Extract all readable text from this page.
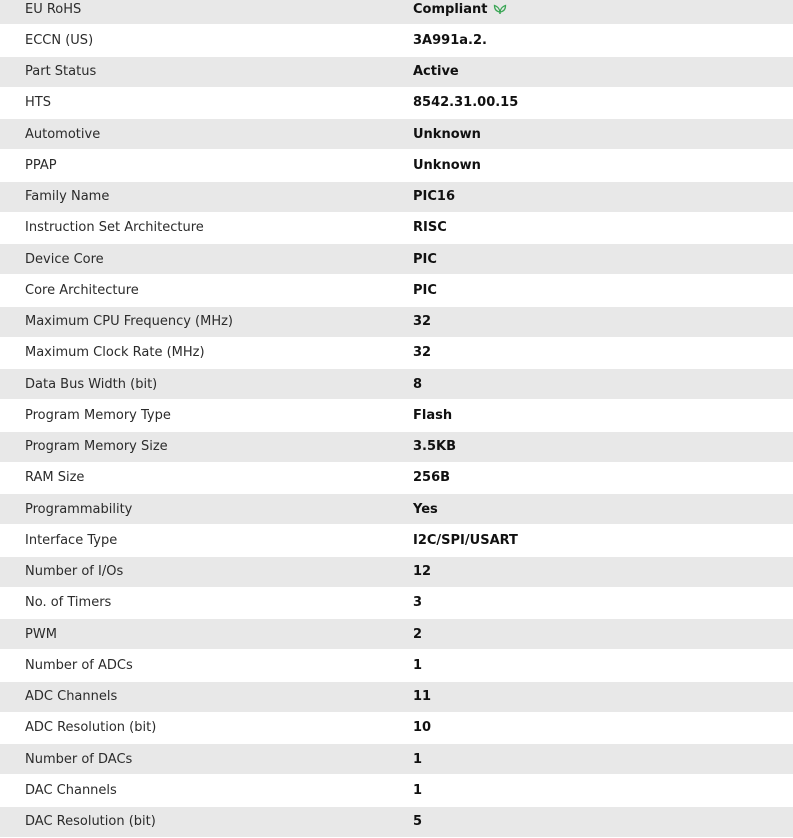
EU RoHS	Compliant
ECCN (US)	3A991a.2.
Part Status	Active
HTS	8542.31.00.15
Automotive	Unknown
PPAP	Unknown
Family Name	PIC16
Instruction Set Architecture	RISC
Device Core	PIC
Core Architecture	PIC
Maximum CPU Frequency (MHz)	32
Maximum Clock Rate (MHz)	32
Data Bus Width (bit)	8
Program Memory Type	Flash
Program Memory Size	3.5KB
RAM Size	256B
Programmability	Yes
Interface Type	I2C/SPI/USART
Number of I/Os	12
No. of Timers	3
PWM	2
Number of ADCs	1
ADC Channels	11
ADC Resolution (bit)	10
Number of DACs	1
DAC Channels	1
DAC Resolution (bit)	5
